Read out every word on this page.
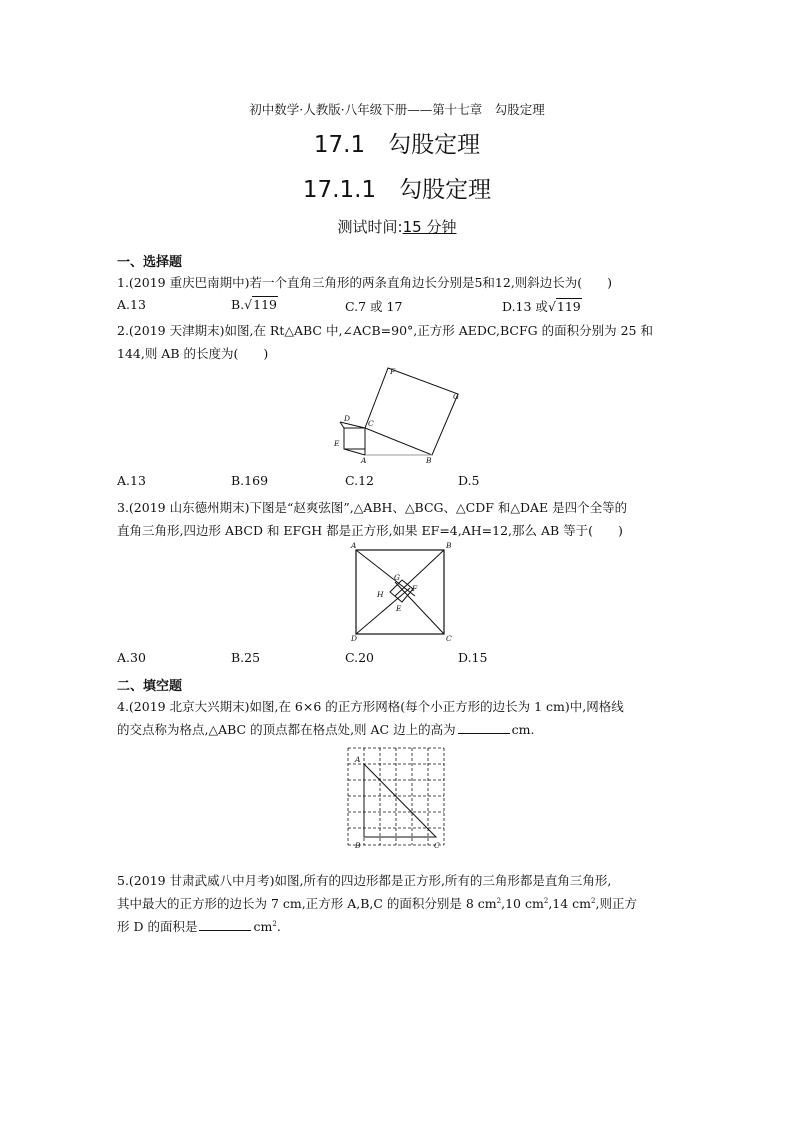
初中数学·人教版·八年级下册——第十七章　勾股定理
17.1　勾股定理
17.1.1　勾股定理
测试时间:15 分钟
一、选择题
1.(2019 重庆巴南期中)若一个直角三角形的两条直角边长分别是5和12,则斜边长为(　　)
A.13	B.√119	C.7 或 17	D.13 或√119
2.(2019 天津期末)如图,在 Rt△ABC 中,∠ACB=90°,正方形 AEDC,BCFG 的面积分别为 25 和
144,则 AB 的长度为(　　)
F
G
D
C
E
A	B
A.13	B.169	C.12	D.5
3.(2019 山东德州期末)下图是“赵爽弦图”,△ABH、△BCG、△CDF 和△DAE 是四个全等的
直角三角形,四边形 ABCD 和 EFGH 都是正方形,如果 EF=4,AH=12,那么 AB 等于(　　)
A	B
G
H
F
E
D	C
A.30	B.25	C.20	D.15
二、填空题
4.(2019 北京大兴期末)如图,在 6×6 的正方形网格(每个小正方形的边长为 1 cm)中,网格线
的交点称为格点,△ABC 的顶点都在格点处,则 AC 边上的高为	cm.
A
B	C
5.(2019 甘肃武威八中月考)如图,所有的四边形都是正方形,所有的三角形都是直角三角形,
其中最大的正方形的边长为 7 cm,正方形 A,B,C 的面积分别是 8 $cm^2,10$ $cm^2,14$ $cm^2$,则正方
形 D 的面积是	$cm^2$.
